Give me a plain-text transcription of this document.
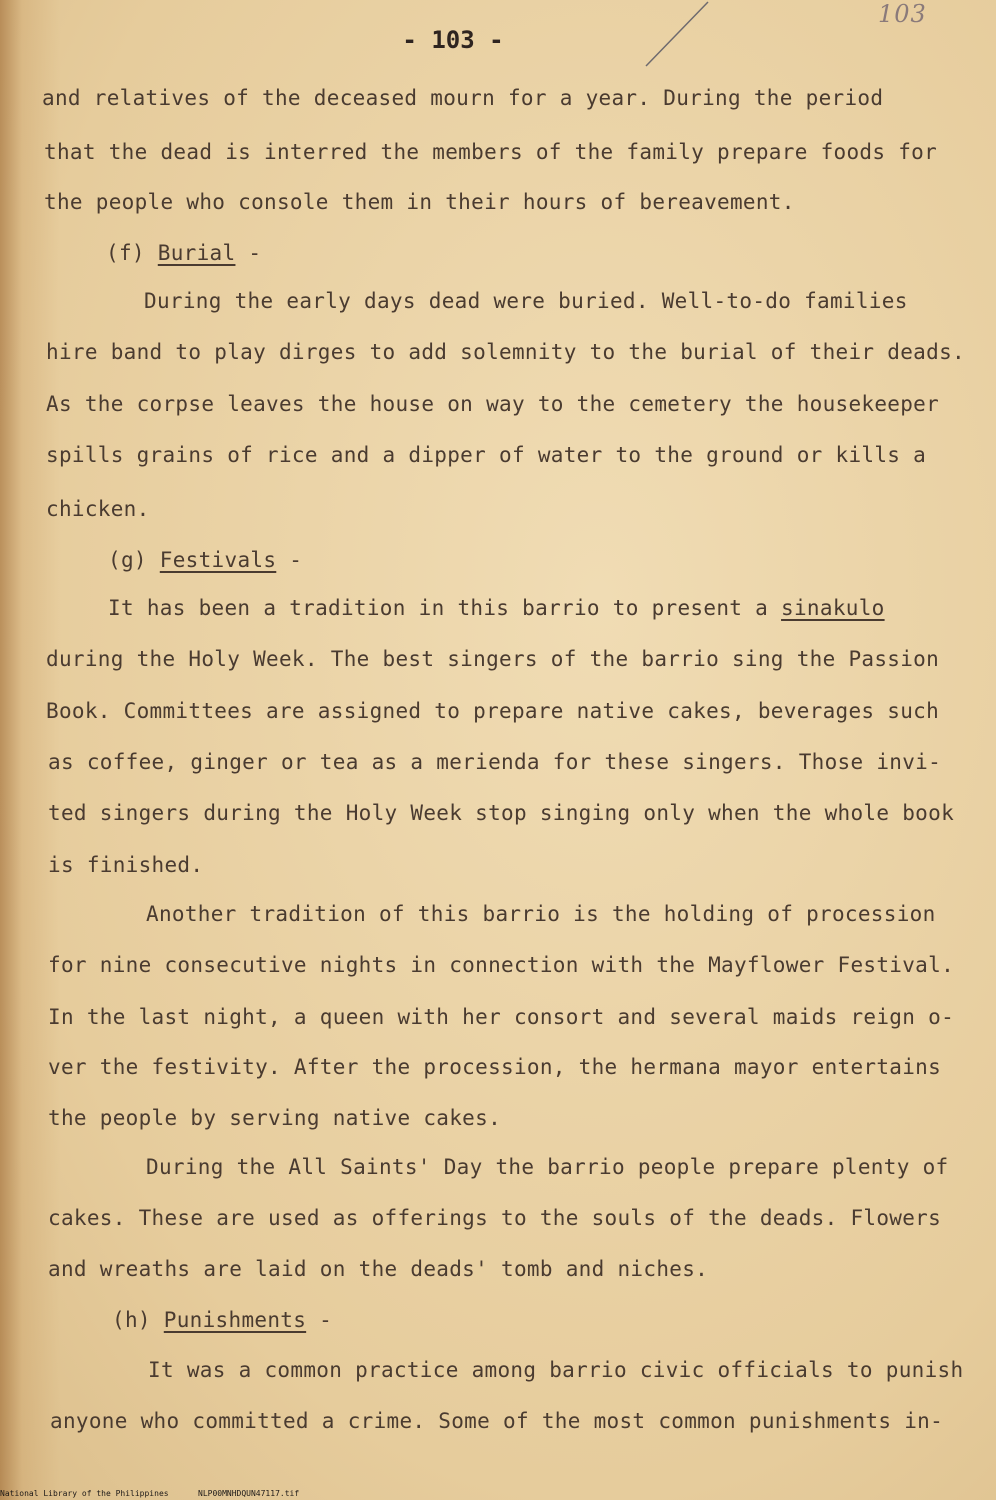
103
- 103 -
and relatives of the deceased mourn for a year. During the period
that the dead is interred the members of the family prepare foods for
the people who console them in their hours of bereavement.
(f) Burial -
During the early days dead were buried. Well-to-do families
hire band to play dirges to add solemnity to the burial of their deads.
As the corpse leaves the house on way to the cemetery the housekeeper
spills grains of rice and a dipper of water to the ground or kills a
chicken.
(g) Festivals -
It has been a tradition in this barrio to present a sinakulo
during the Holy Week. The best singers of the barrio sing the Passion
Book. Committees are assigned to prepare native cakes, beverages such
as coffee, ginger or tea as a merienda for these singers. Those invi-
ted singers during the Holy Week stop singing only when the whole book
is finished.
Another tradition of this barrio is the holding of procession
for nine consecutive nights in connection with the Mayflower Festival.
In the last night, a queen with her consort and several maids reign o-
ver the festivity. After the procession, the hermana mayor entertains
the people by serving native cakes.
During the All Saints' Day the barrio people prepare plenty of
cakes. These are used as offerings to the souls of the deads. Flowers
and wreaths are laid on the deads' tomb and niches.
(h) Punishments -
It was a common practice among barrio civic officials to punish
anyone who committed a crime. Some of the most common punishments in-
National Library of the Philippines	NLP00MNHDQUN47117.tif
